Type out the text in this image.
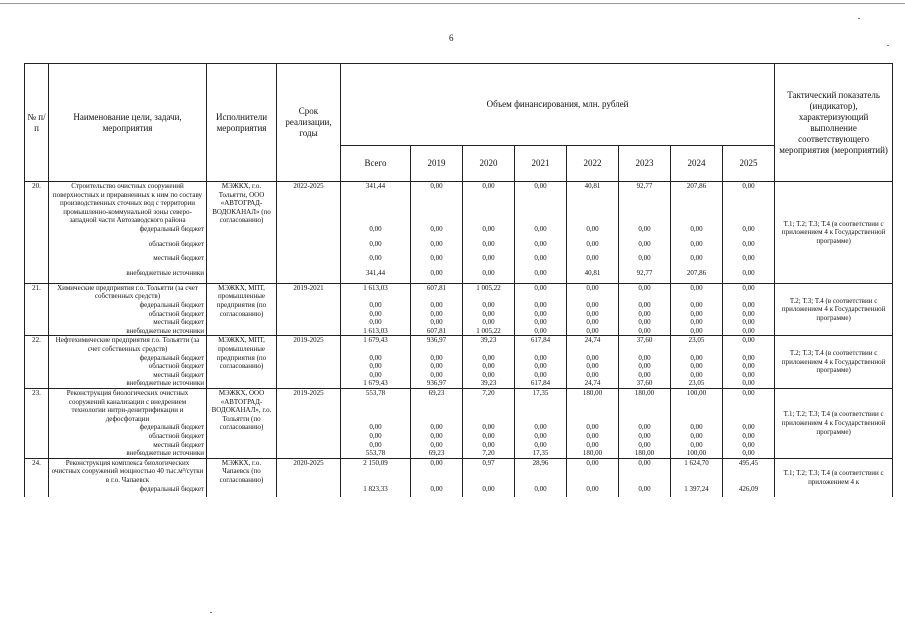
6
№ п/п	Наименование цели, задачи, мероприятия	Исполнители мероприятия	Срок реализации, годы	Объем финансирования, млн. рублей								Тактический показатель (индикатор), характеризующий выполнение соответствующего мероприятия (мероприятий)
				Всего	2019	2020	2021	2022	2023	2024	2025	
20.	Строительство очистных сооружений поверхностных и приравненных к ним по составу производственных сточных вод с территории промышленно-коммунальной зоны северо-западной части Автозаводского района	МЭЖКХ, г.о. Тольятти, ООО «АВТОГРАД-ВОДОКАНАЛ» (по согласованию)	2022-2025	341,44	0,00	0,00	0,00	40,81	92,77	207,86	0,00	Т.1; Т.2; Т.3; Т.4 (в соответствии с приложением 4 к Государственной программе)
	федеральный бюджет			0,00	0,00	0,00	0,00	0,00	0,00	0,00	0,00	
	областной бюджет			0,00	0,00	0,00	0,00	0,00	0,00	0,00	0,00	
	местный бюджет			0,00	0,00	0,00	0,00	0,00	0,00	0,00	0,00	
	внебюджетные источники			341,44	0,00	0,00	0,00	40,81	92,77	207,86	0,00	
21.	Химические предприятия г.о. Тольятти (за счет собственных средств)	МЭЖКХ, МПТ, промышленные предприятия (по согласованию)	2019-2021	1 613,03	607,81	1 005,22	0,00	0,00	0,00	0,00	0,00	Т.2; Т.3; Т.4 (в соответствии с приложением 4 к Государственной программе)
	федеральный бюджет			0,00	0,00	0,00	0,00	0,00	0,00	0,00	0,00	
	областной бюджет			0,00	0,00	0,00	0,00	0,00	0,00	0,00	0,00	
	местный бюджет			0,00	0,00	0,00	0,00	0,00	0,00	0,00	0,00	
	внебюджетные источники			1 613,03	607,81	1 005,22	0,00	0,00	0,00	0,00	0,00	
22.	Нефтехимические предприятия г.о. Тольятти (за счет собственных средств)	МЭЖКХ, МПТ, промышленные предприятия (по согласованию)	2019-2025	1 679,43	936,97	39,23	617,84	24,74	37,60	23,05	0,00	Т.2; Т.3; Т.4 (в соответствии с приложением 4 к Государственной программе)
	федеральный бюджет			0,00	0,00	0,00	0,00	0,00	0,00	0,00	0,00	
	областной бюджет			0,00	0,00	0,00	0,00	0,00	0,00	0,00	0,00	
	местный бюджет			0,00	0,00	0,00	0,00	0,00	0,00	0,00	0,00	
	внебюджетные источники			1 679,43	936,97	39,23	617,84	24,74	37,60	23,05	0,00	
23.	Реконструкция биологических очистных сооружений канализации с внедрением технологии нитри-денитрификации и дефосфотации	МЭЖКХ, ООО «АВТОГРАД-ВОДОКАНАЛ», г.о. Тольятти (по согласованию)	2019-2025	553,78	69,23	7,20	17,35	180,00	180,00	100,00	0,00	Т.1; Т.2; Т.3; Т.4 (в соответствии с приложением 4 к Государственной программе)
	федеральный бюджет			0,00	0,00	0,00	0,00	0,00	0,00	0,00	0,00	
	областной бюджет			0,00	0,00	0,00	0,00	0,00	0,00	0,00	0,00	
	местный бюджет			0,00	0,00	0,00	0,00	0,00	0,00	0,00	0,00	
	внебюджетные источники			553,78	69,23	7,20	17,35	180,00	180,00	100,00	0,00	
24.	Реконструкция комплекса биологических очистных сооружений мощностью 40 тыс.м³/сутки в г.о. Чапаевск	МЭЖКХ, г.о. Чапаевск (по согласованию)	2020-2025	2 150,09	0,00	0,97	28,96	0,00	0,00	1 624,70	495,45	Т.1; Т.2; Т.3; Т.4 (в соответствии с приложением 4 к
	федеральный бюджет			1 823,33	0,00	0,00	0,00	0,00	0,00	1 397,24	426,09	
